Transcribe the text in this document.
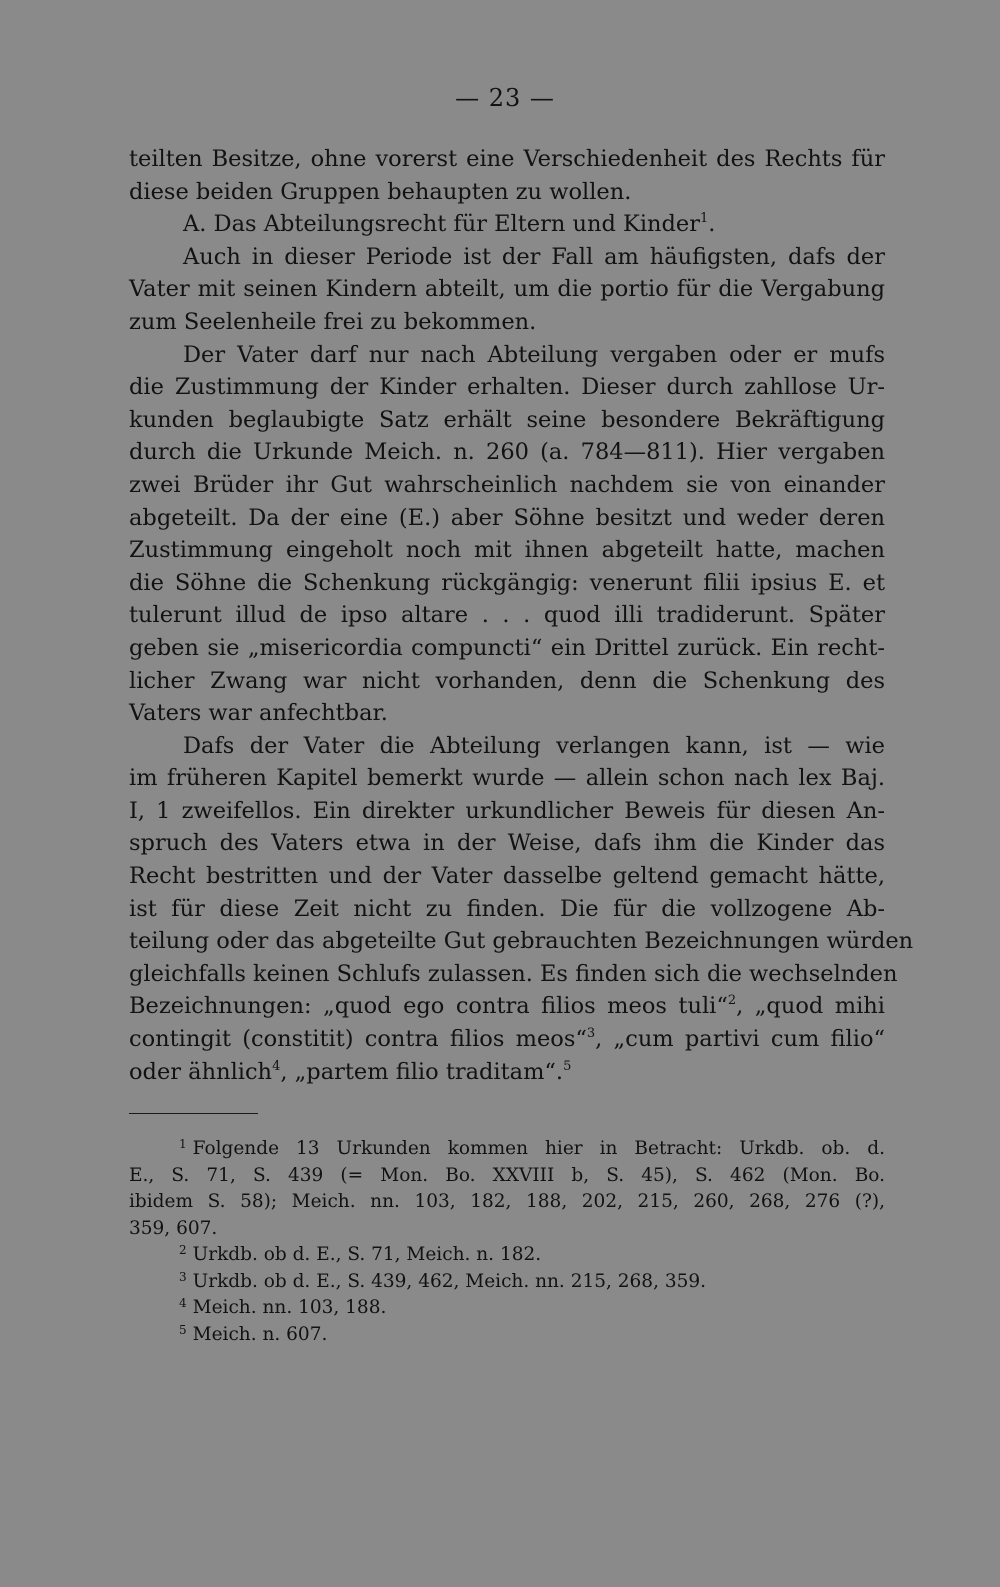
— 23 —
teilten Besitze, ohne vorerst eine Verschiedenheit des Rechts für
diese beiden Gruppen behaupten zu wollen.
A. Das Abteilungsrecht für Eltern und Kinder$^1$.
Auch in dieser Periode ist der Fall am häufigsten, dafs der
Vater mit seinen Kindern abteilt, um die portio für die Vergabung
zum Seelenheile frei zu bekommen.
Der Vater darf nur nach Abteilung vergaben oder er mufs
die Zustimmung der Kinder erhalten. Dieser durch zahllose Ur-
kunden beglaubigte Satz erhält seine besondere Bekräftigung
durch die Urkunde Meich. n. 260 (a. 784—811). Hier vergaben
zwei Brüder ihr Gut wahrscheinlich nachdem sie von einander
abgeteilt. Da der eine (E.) aber Söhne besitzt und weder deren
Zustimmung eingeholt noch mit ihnen abgeteilt hatte, machen
die Söhne die Schenkung rückgängig: venerunt filii ipsius E. et
tulerunt illud de ipso altare . . . quod illi tradiderunt. Später
geben sie „misericordia compuncti“ ein Drittel zurück. Ein recht-
licher Zwang war nicht vorhanden, denn die Schenkung des
Vaters war anfechtbar.
Dafs der Vater die Abteilung verlangen kann, ist — wie
im früheren Kapitel bemerkt wurde — allein schon nach lex Baj.
I, 1 zweifellos. Ein direkter urkundlicher Beweis für diesen An-
spruch des Vaters etwa in der Weise, dafs ihm die Kinder das
Recht bestritten und der Vater dasselbe geltend gemacht hätte,
ist für diese Zeit nicht zu finden. Die für die vollzogene Ab-
teilung oder das abgeteilte Gut gebrauchten Bezeichnungen würden
gleichfalls keinen Schlufs zulassen. Es finden sich die wechselnden
Bezeichnungen: „quod ego contra filios meos tuli“$^2$, „quod mihi
contingit (constitit) contra filios meos“$^3$, „cum partivi cum filio“
oder ähnlich$^4$, „partem filio traditam“.$^5$
$^1$ Folgende 13 Urkunden kommen hier in Betracht: Urkdb. ob. d.
E., S. 71, S. 439 (= Mon. Bo. XXVIII b, S. 45), S. 462 (Mon. Bo.
ibidem S. 58); Meich. nn. 103, 182, 188, 202, 215, 260, 268, 276 (?),
359, 607.
$^2$ Urkdb. ob d. E., S. 71, Meich. n. 182.
$^3$ Urkdb. ob d. E., S. 439, 462, Meich. nn. 215, 268, 359.
$^4$ Meich. nn. 103, 188.
$^5$ Meich. n. 607.
